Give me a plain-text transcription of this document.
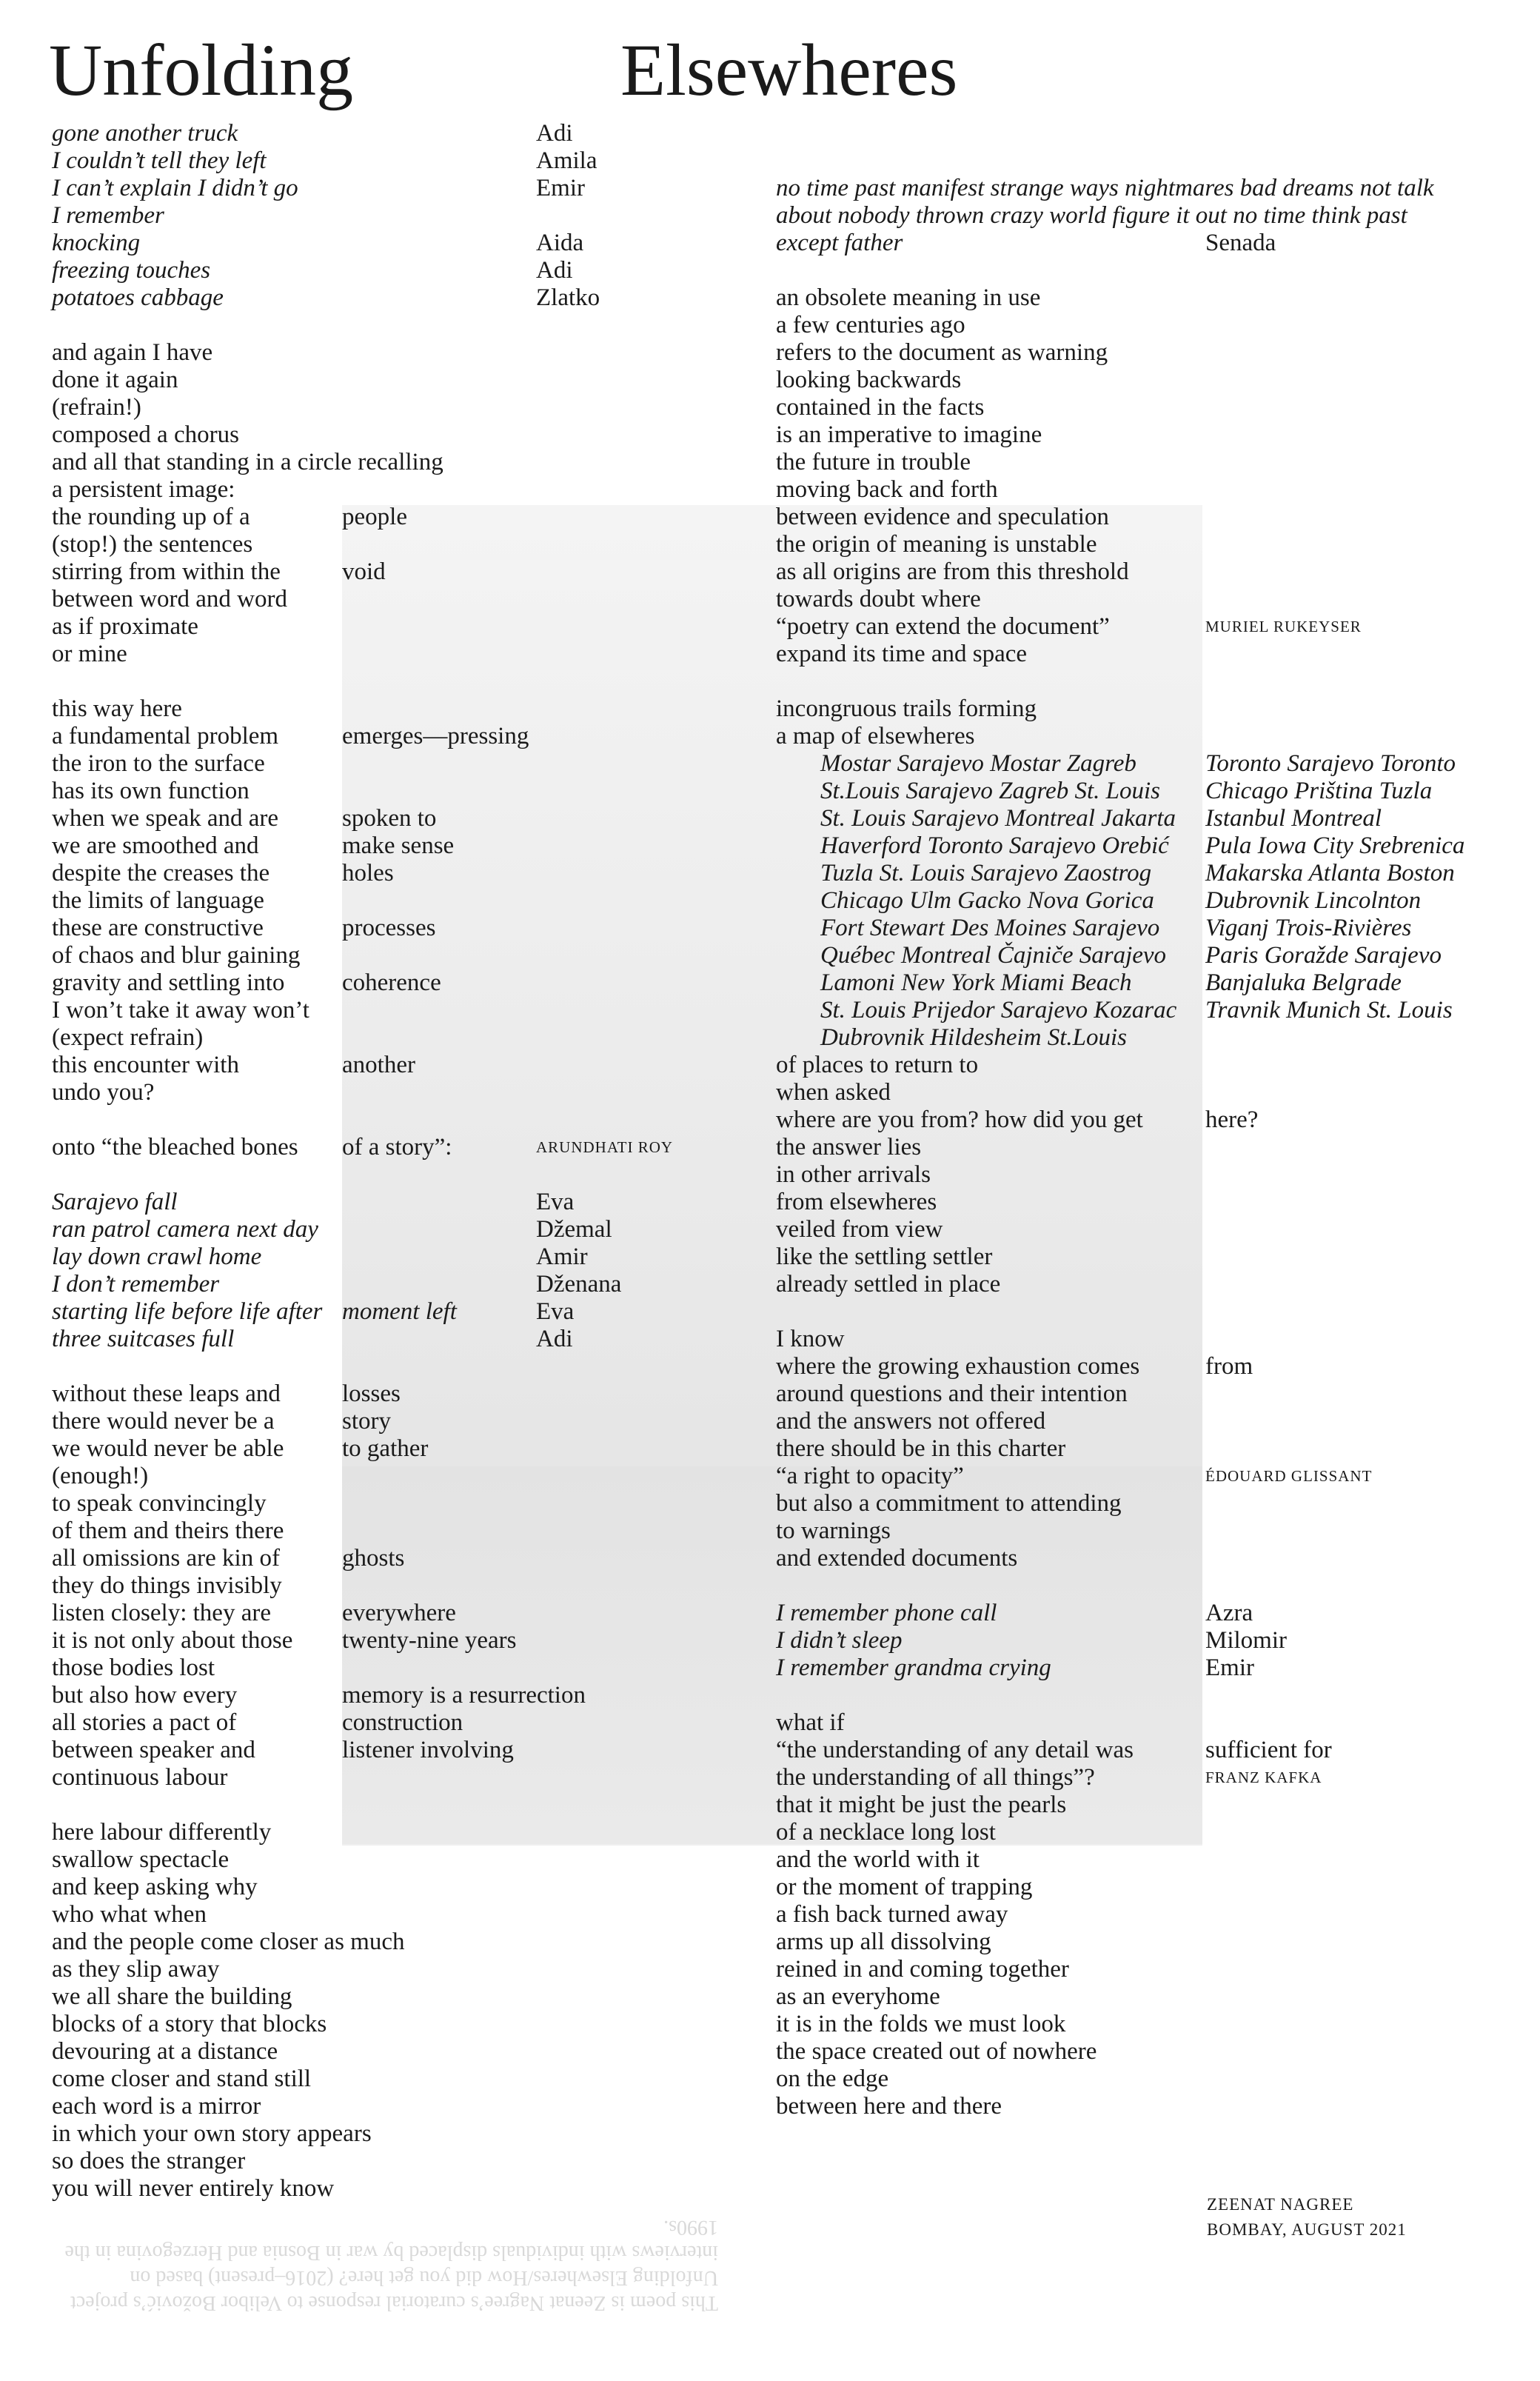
Unfolding	Elsewheres
gone another truck
I couldn’t tell they left
I can’t explain I didn’t go
I remember
knocking
freezing touches
potatoes cabbage
and again I have
done it again
(refrain!)
composed a chorus
and all that standing in a circle recalling
a persistent image:
the rounding up of a
(stop!) the sentences
stirring from within the
between word and word
as if proximate
or mine
this way here
a fundamental problem
the iron to the surface
has its own function
when we speak and are
we are smoothed and
despite the creases the
the limits of language
these are constructive
of chaos and blur gaining
gravity and settling into
I won’t take it away won’t
(expect refrain)
this encounter with
undo you?
onto “the bleached bones
Sarajevo fall
ran patrol camera next day
lay down crawl home
I don’t remember
starting life before life after
three suitcases full
without these leaps and
there would never be a
we would never be able
(enough!)
to speak convincingly
of them and theirs there
all omissions are kin of
they do things invisibly
listen closely: they are
it is not only about those
those bodies lost
but also how every
all stories a pact of
between speaker and
continuous labour
here labour differently
swallow spectacle
and keep asking why
who what when
and the people come closer as much
as they slip away
we all share the building
blocks of a story that blocks
devouring at a distance
come closer and stand still
each word is a mirror
in which your own story appears
so does the stranger
you will never entirely know
people
void
emerges—pressing
spoken to
make sense
holes
processes
coherence
another
of a story”:
moment left
losses
story
to gather
ghosts
everywhere
twenty-nine years
memory is a resurrection
construction
listener involving
Adi
Amila
Emir
Aida
Adi
Zlatko
ARUNDHATI ROY
Eva
Džemal
Amir
Dženana
Eva
Adi
no time past manifest strange ways nightmares bad dreams not talk
about nobody thrown crazy world figure it out no time think past
except father
an obsolete meaning in use
a few centuries ago
refers to the document as warning
looking backwards
contained in the facts
is an imperative to imagine
the future in trouble
moving back and forth
between evidence and speculation
the origin of meaning is unstable
as all origins are from this threshold
towards doubt where
“poetry can extend the document”
expand its time and space
incongruous trails forming
a map of elsewheres
Mostar Sarajevo Mostar Zagreb
St.Louis Sarajevo Zagreb St. Louis
St. Louis Sarajevo Montreal Jakarta
Haverford Toronto Sarajevo Orebić
Tuzla St. Louis Sarajevo Zaostrog
Chicago Ulm Gacko Nova Gorica
Fort Stewart Des Moines Sarajevo
Québec Montreal Čajniče Sarajevo
Lamoni New York Miami Beach
St. Louis Prijedor Sarajevo Kozarac
Dubrovnik Hildesheim St.Louis
of places to return to
when asked
where are you from? how did you get
the answer lies
in other arrivals
from elsewheres
veiled from view
like the settling settler
already settled in place
I know
where the growing exhaustion comes
around questions and their intention
and the answers not offered
there should be in this charter
“a right to opacity”
but also a commitment to attending
to warnings
and extended documents
I remember phone call
I didn’t sleep
I remember grandma crying
what if
“the understanding of any detail was
the understanding of all things”?
that it might be just the pearls
of a necklace long lost
and the world with it
or the moment of trapping
a fish back turned away
arms up all dissolving
reined in and coming together
as an everyhome
it is in the folds we must look
the space created out of nowhere
on the edge
between here and there
Senada
MURIEL RUKEYSER
Toronto Sarajevo Toronto
Chicago Priština Tuzla
Istanbul Montreal
Pula Iowa City Srebrenica
Makarska Atlanta Boston
Dubrovnik Lincolnton
Viganj Trois-Rivières
Paris Goražde Sarajevo
Banjaluka Belgrade
Travnik Munich St. Louis
here?
from
ÉDOUARD GLISSANT
Azra
Milomir
Emir
sufficient for
FRANZ KAFKA
This poem is Zeenat Nagree’s curatorial response to Velibor Božović’s project Unfolding Elsewheres/How did you get here? (2016–present) based on interviews with individuals displaced by war in Bosnia and Herzegovina in the 1990s.
ZEENAT NAGREE
BOMBAY, AUGUST 2021
